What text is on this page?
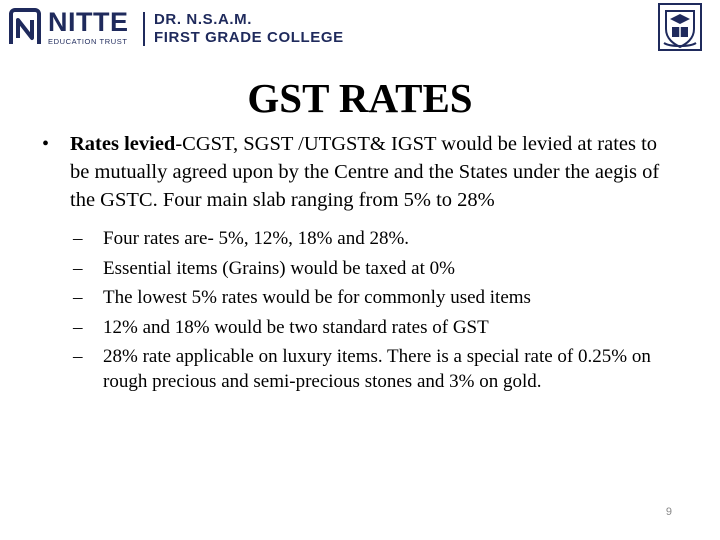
NITTE
EDUCATION TRUST
DR. N.S.A.M.
FIRST GRADE COLLEGE
GST RATES
• Rates levied-CGST, SGST /UTGST& IGST would be levied at rates to be mutually agreed upon by the Centre and the States under the aegis of the GSTC. Four main slab ranging from 5% to 28%
– Four rates are- 5%, 12%, 18% and 28%.
– Essential items (Grains) would be taxed at 0%
– The lowest 5% rates would be for commonly used items
– 12% and 18% would be two standard rates of GST
– 28% rate applicable on luxury items. There is a special rate of 0.25% on rough precious and semi-precious stones and 3% on gold.
9
